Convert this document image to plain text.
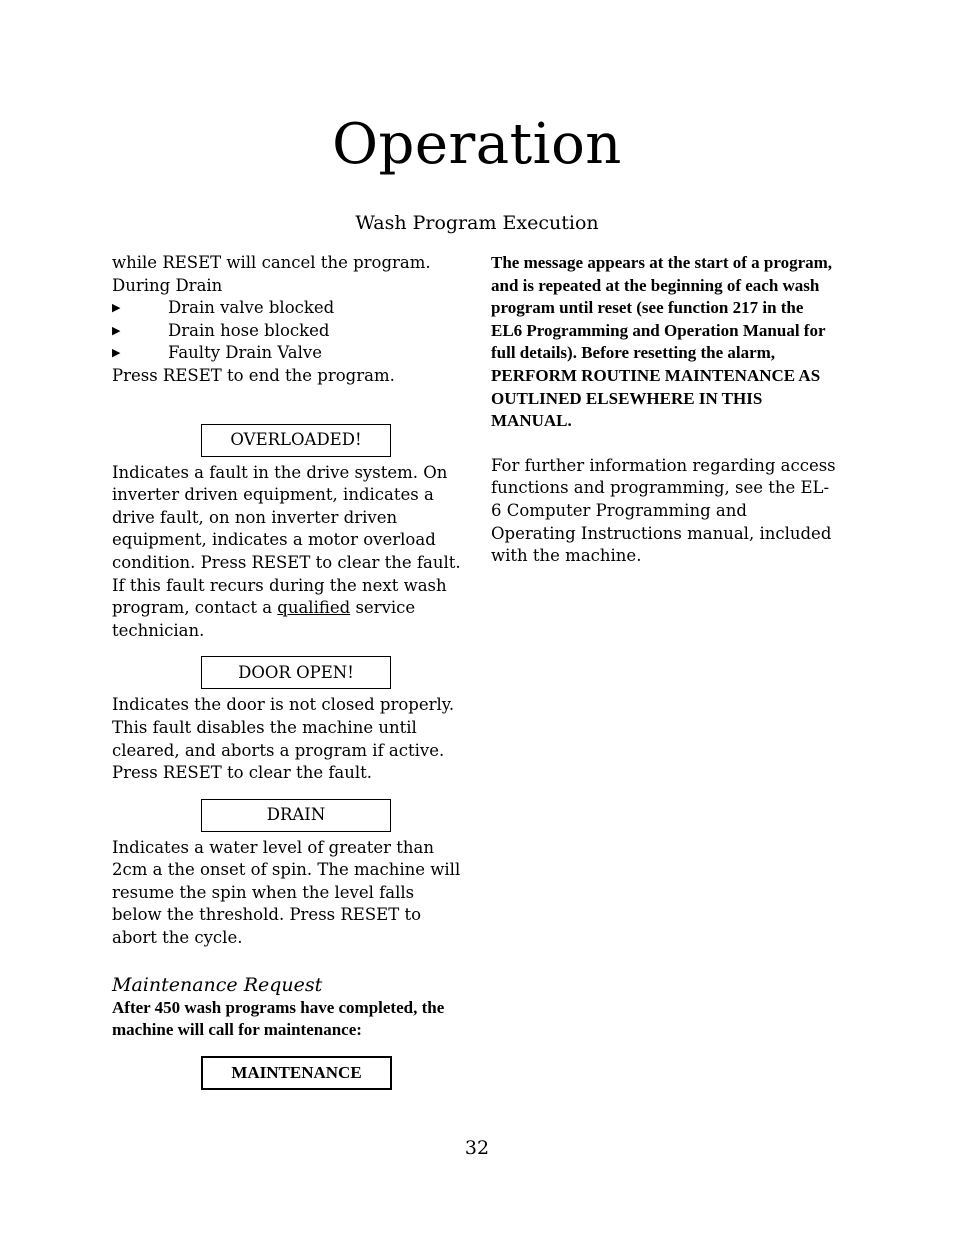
Operation
Wash Program Execution

while RESET will cancel the program.

During Drain

▶	Drain valve blocked
▶	Drain hose blocked
▶	Faulty Drain Valve

Press RESET to end the program.

OVERLOADED!

Indicates a fault in the drive system. On inverter driven equipment, indicates a drive fault, on non inverter driven equipment, indicates a motor overload condition. Press RESET to clear the fault. If this fault recurs during the next wash program, contact a qualified service technician.

DOOR OPEN!

Indicates the door is not closed properly. This fault disables the machine until cleared, and aborts a program if active. Press RESET to clear the fault.

DRAIN

Indicates a water level of greater than 2cm a the onset of spin. The machine will resume the spin when the level falls below the threshold. Press RESET to abort the cycle.

Maintenance Request

After 450 wash programs have completed, the machine will call for maintenance:

MAINTENANCE

The message appears at the start of a program, and is repeated at the beginning of each wash program until reset (see function 217 in the EL6 Programming and Operation Manual for full details). Before resetting the alarm, PERFORM ROUTINE MAINTENANCE AS OUTLINED ELSEWHERE IN THIS MANUAL.

For further information regarding access functions and programming, see the EL-6 Computer Programming and Operating Instructions manual, included with the machine.

32
